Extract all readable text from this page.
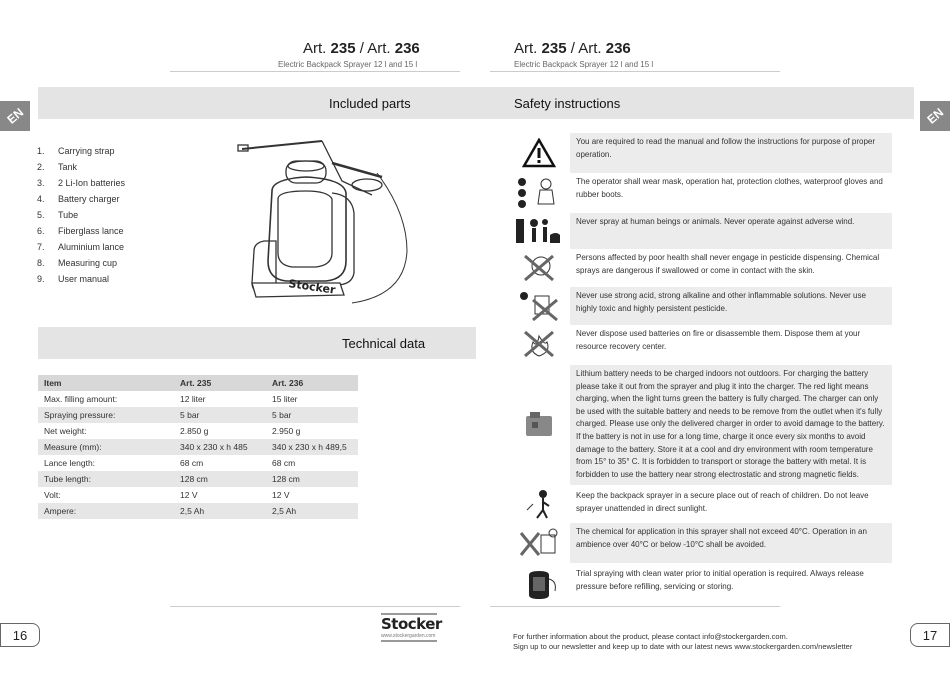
Art. 235 / Art. 236
Electric Backpack Sprayer 12 l and 15 l
Art. 235 / Art. 236
Electric Backpack Sprayer 12 l and 15 l
Included parts	Safety instructions
EN	EN
1.	Carrying strap
2.	Tank
3.	2 Li-Ion batteries
4.	Battery charger
5.	Tube
6.	Fiberglass lance
7.	Aluminium lance
8.	Measuring cup
9.	User manual	Stocker
Technical data
Item	Art. 235	Art. 236
Max. filling amount:	12 liter	15 liter
Spraying pressure:	5 bar	5 bar
Net weight:	2.850 g	2.950 g
Measure (mm):	340 x 230 x h 485	340 x 230 x h 489,5
Lance length:	68 cm	68 cm
Tube length:	128 cm	128 cm
Volt:	12 V	12 V
Ampere:	2,5 Ah	2,5 Ah
You are required to read the manual and follow the instructions for purpose of proper operation.
The operator shall wear mask, operation hat, protection clothes, waterproof gloves and rubber boots.
Never spray at human beings or animals. Never operate against adverse wind.
Persons affected by poor health shall never engage in pesticide dispensing. Chemical sprays are dangerous if swallowed or come in contact with the skin.
Never use strong acid, strong alkaline and other inflammable solutions. Never use highly toxic and highly persistent pesticide.
Never dispose used batteries on fire or disassemble them. Dispose them at your resource recovery center.
Lithium battery needs to be charged indoors not outdoors. For charging the battery please take it out from the sprayer and plug it into the charger. The red light means charging, when the light turns green the battery is fully charged. The charger can only be used with the suitable battery and needs to be remove from the outlet when it's fully charged. Please use only the delivered charger in order to avoid damage to the battery. If the battery is not in use for a long time, charge it once every six months to avoid damage to the battery. Store it at a cool and dry environment with room temperature from 15° to 35° C. It is forbidden to transport or storage the battery with metal. It is forbidden to use the battery near strong electrostatic and strong magnetic fields.
Keep the backpack sprayer in a secure place out of reach of children. Do not leave sprayer unattended in direct sunlight.
The chemical for application in this sprayer shall not exceed 40°C. Operation in an ambience over 40°C or below -10°C shall be avoided.
Trial spraying with clean water prior to initial operation is required. Always release pressure before refilling, servicing or storing.
16	17
Stocker
www.stockergarden.com	For further information about the product, please contact info@stockergarden.com.
Sign up to our newsletter and keep up to date with our latest news www.stockergarden.com/newsletter
